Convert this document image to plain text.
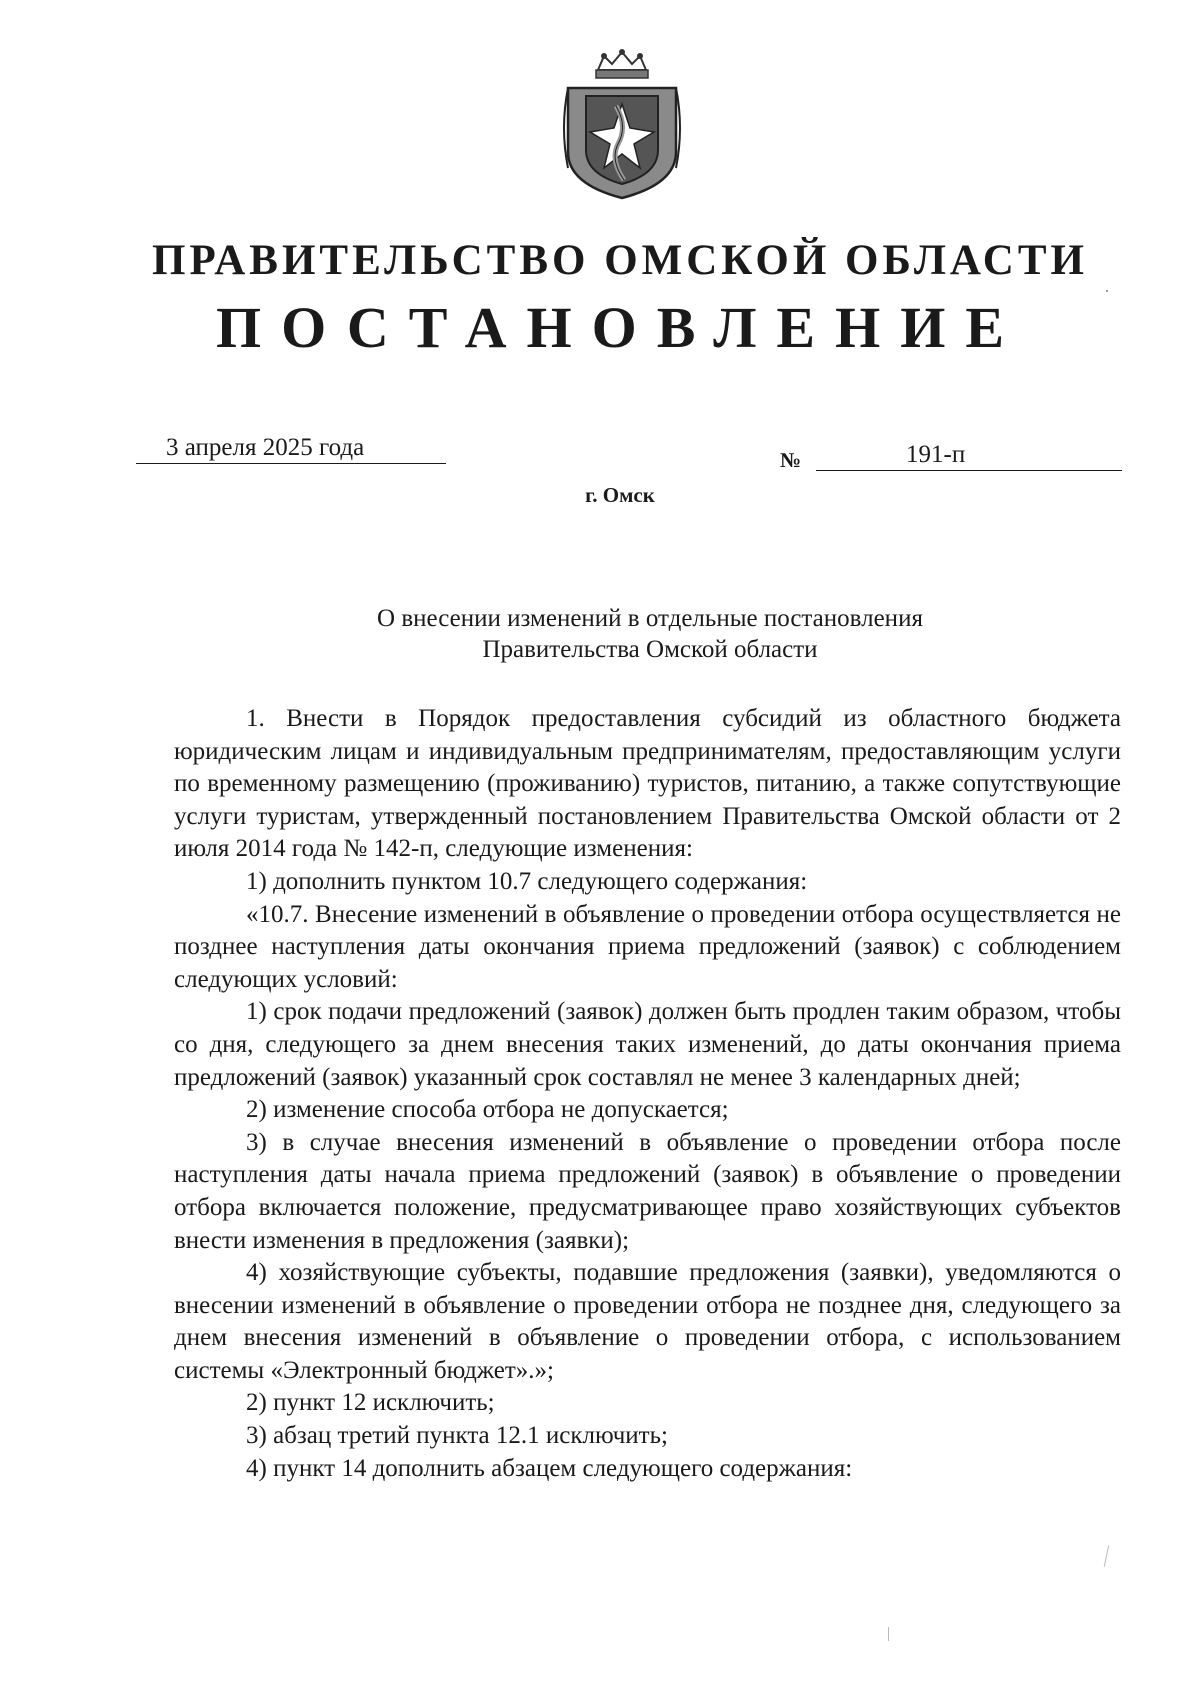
ПРАВИТЕЛЬСТВО ОМСКОЙ ОБЛАСТИ
ПОСТАНОВЛЕНИЕ
3 апреля 2025 года	№	191-п
г. Омск
О внесении изменений в отдельные постановления
Правительства Омской области

1. Внести в Порядок предоставления субсидий из областного бюджета юридическим лицам и индивидуальным предпринимателям, предоставляющим услуги по временному размещению (проживанию) туристов, питанию, а также сопутствующие услуги туристам, утвержденный постановлением Правительства Омской области от 2 июля 2014 года № 142-п, следующие изменения:

1) дополнить пунктом 10.7 следующего содержания:

«10.7. Внесение изменений в объявление о проведении отбора осуществляется не позднее наступления даты окончания приема предложений (заявок) с соблюдением следующих условий:

1) срок подачи предложений (заявок) должен быть продлен таким образом, чтобы со дня, следующего за днем внесения таких изменений, до даты окончания приема предложений (заявок) указанный срок составлял не менее 3 календарных дней;

2) изменение способа отбора не допускается;

3) в случае внесения изменений в объявление о проведении отбора после наступления даты начала приема предложений (заявок) в объявление о проведении отбора включается положение, предусматривающее право хозяйствующих субъектов внести изменения в предложения (заявки);

4) хозяйствующие субъекты, подавшие предложения (заявки), уведомляются о внесении изменений в объявление о проведении отбора не позднее дня, следующего за днем внесения изменений в объявление о проведении отбора, с использованием системы «Электронный бюджет».»;

2) пункт 12 исключить;

3) абзац третий пункта 12.1 исключить;

4) пункт 14 дополнить абзацем следующего содержания:
